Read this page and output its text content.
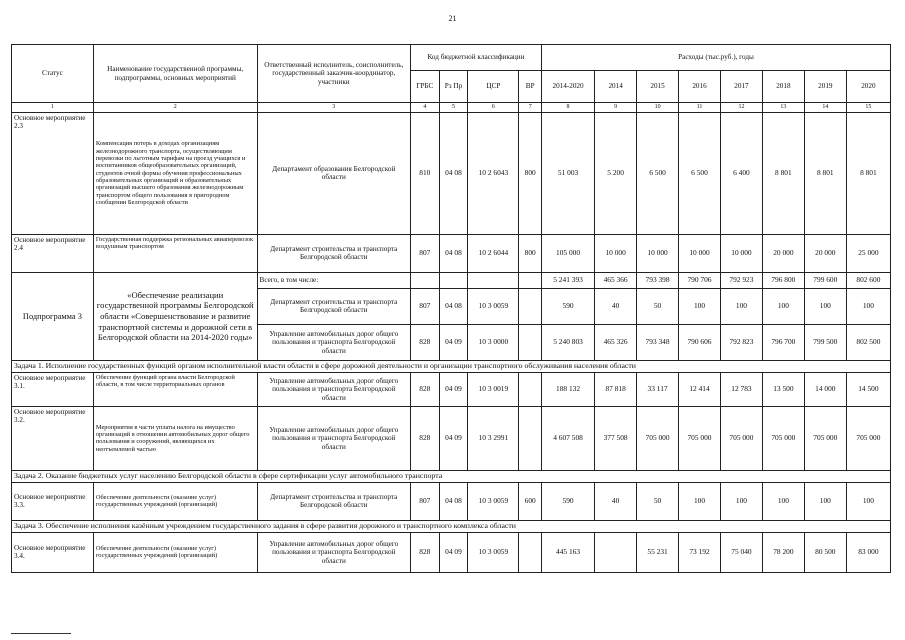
21
Статус	Наименование государственной программы, подпрограммы, основных мероприятий	Ответственный исполнитель, соисполнитель, государственный заказчик-координатор, участники	Код бюджетной классификации				Расходы (тыс.руб.), годы							
			ГРБС	Рз Пр	ЦСР	ВР	2014-2020	2014	2015	2016	2017	2018	2019	2020
1	2	3	4	5	6	7	8	9	10	11	12	13	14	15
Основное мероприятие 2.3	Компенсация потерь в доходах организациям железнодорожного транспорта, осуществляющим перевозки по льготным тарифам на проезд учащихся и воспитанников общеобразовательных организаций, студентов очной формы обучения профессиональных образовательных организаций и образовательных организаций высшего образования железнодорожным транспортом общего пользования в пригородном сообщении Белгородской области	Департамент образования Белгородской области	810	04 08	10 2 6043	800	51 003	5 200	6 500	6 500	6 400	8 801	8 801	8 801
Основное мероприятие 2.4	Государственная поддержка региональных авиаперевозок воздушным транспортом	Департамент строительства и транспорта Белгородской области	807	04 08	10 2 6044	800	105 000	10 000	10 000	10 000	10 000	20 000	20 000	25 000
Подпрограмма 3	«Обеспечение реализации государственной программы Белгородской области «Совершенствование и развитие транспортной системы и дорожной сети в Белгородской области на 2014-2020 годы»	Всего, в том числе:					5 241 393	465 366	793 398	790 706	792 923	796 800	799 600	802 600
		Департамент строительства и транспорта Белгородской области	807	04 08	10 3 0059		590	40	50	100	100	100	100	100
		Управление автомобильных дорог общего пользования и транспорта Белгородской области	828	04 09	10 3 0000		5 240 803	465 326	793 348	790 606	792 823	796 700	799 500	802 500
Задача 1. Исполнение государственных функций органом исполнительной власти области в сфере дорожной деятельности и организации транспортного обслуживания населения области														
Основное мероприятие 3.1.	Обеспечение функций органа власти Белгородской области, в том числе территориальных органов	Управление автомобильных дорог общего пользования и транспорта Белгородской области	828	04 09	10 3 0019		188 132	87 818	33 117	12 414	12 783	13 500	14 000	14 500
Основное мероприятие 3.2.	Мероприятия в части уплаты налога на имущество организаций в отношении автомобильных дорог общего пользования и сооружений, являющихся их неотъемлемой частью	Управление автомобильных дорог общего пользования и транспорта Белгородской области	828	04 09	10 3 2991		4 607 508	377 508	705 000	705 000	705 000	705 000	705 000	705 000
Задача 2. Оказание бюджетных услуг населению Белгородской области в сфере сертификации услуг автомобильного транспорта														
Основное мероприятие 3.3.	Обеспечение деятельности (оказание услуг) государственных учреждений (организаций)	Департамент строительства и транспорта Белгородской области	807	04 08	10 3 0059	600	590	40	50	100	100	100	100	100
Задача 3. Обеспечение исполнения казённым учреждением государственного задания в сфере развития дорожного и транспортного комплекса области														
Основное мероприятие 3.4.	Обеспечение деятельности (оказание услуг) государственных учреждений (организаций)	Управление автомобильных дорог общего пользования и транспорта Белгородской области	828	04 09	10 3 0059		445 163		55 231	73 192	75 040	78 200	80 500	83 000
